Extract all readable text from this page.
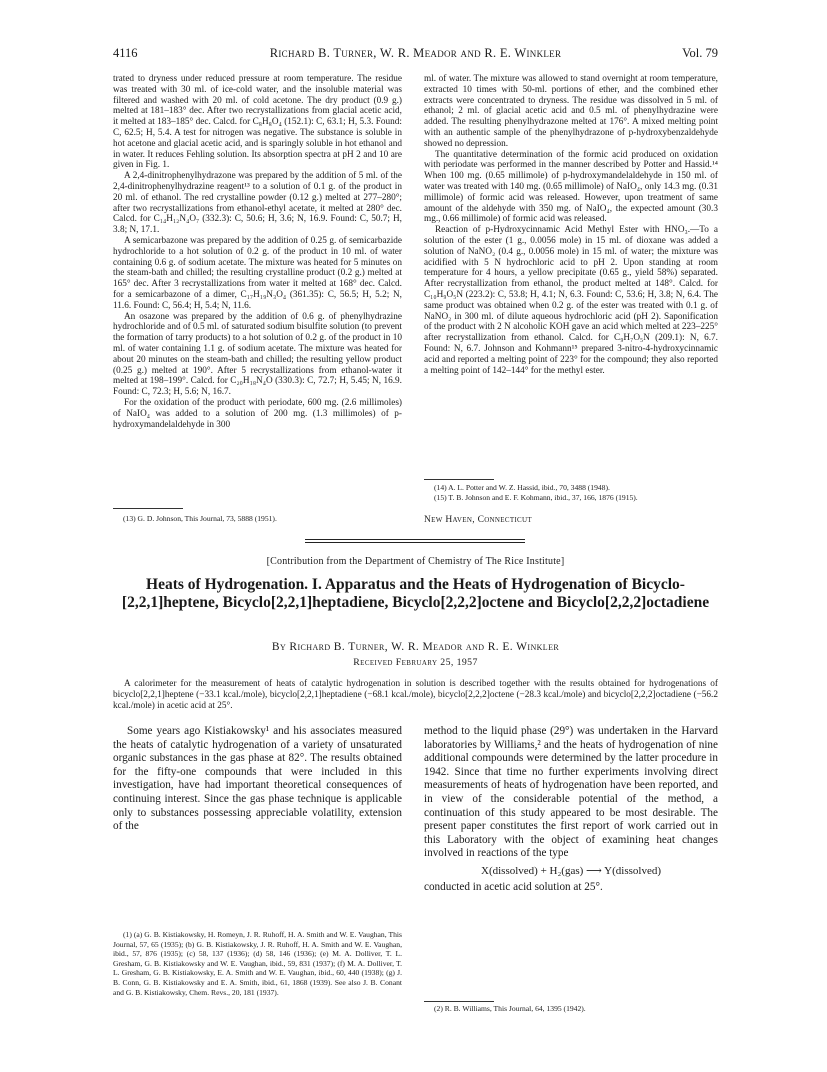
4116	Richard B. Turner, W. R. Meador and R. E. Winkler	Vol. 79

trated to dryness under reduced pressure at room temperature. The residue was treated with 30 ml. of ice-cold water, and the insoluble material was filtered and washed with 20 ml. of cold acetone. The dry product (0.9 g.) melted at 181–183° dec. After two recrystallizations from glacial acetic acid, it melted at 183–185° dec. Calcd. for C₈H₈O₄ (152.1): C, 63.1; H, 5.3. Found: C, 62.5; H, 5.4. A test for nitrogen was negative. The substance is soluble in hot acetone and glacial acetic acid, and is sparingly soluble in hot ethanol and in water. It reduces Fehling solution. Its absorption spectra at pH 2 and 10 are given in Fig. 1.

A 2,4-dinitrophenylhydrazone was prepared by the addition of 5 ml. of the 2,4-dinitrophenylhydrazine reagent¹³ to a solution of 0.1 g. of the product in 20 ml. of ethanol. The red crystalline powder (0.12 g.) melted at 277–280°; after two recrystallizations from ethanol-ethyl acetate, it melted at 280° dec. Calcd. for C₁₄H₁₂N₄O₇ (332.3): C, 50.6; H, 3.6; N, 16.9. Found: C, 50.7; H, 3.8; N, 17.1.

A semicarbazone was prepared by the addition of 0.25 g. of semicarbazide hydrochloride to a hot solution of 0.2 g. of the product in 10 ml. of water containing 0.6 g. of sodium acetate. The mixture was heated for 5 minutes on the steam-bath and chilled; the resulting crystalline product (0.2 g.) melted at 165° dec. After 3 recrystallizations from water it melted at 168° dec. Calcd. for a semicarbazone of a dimer, C₁₇H₁₉N₃O₄ (361.35): C, 56.5; H, 5.2; N, 11.6. Found: C, 56.4; H, 5.4; N, 11.6.

An osazone was prepared by the addition of 0.6 g. of phenylhydrazine hydrochloride and of 0.5 ml. of saturated sodium bisulfite solution (to prevent the formation of tarry products) to a hot solution of 0.2 g. of the product in 10 ml. of water containing 1.1 g. of sodium acetate. The mixture was heated for about 20 minutes on the steam-bath and chilled; the resulting yellow product (0.25 g.) melted at 190°. After 5 recrystallizations from ethanol-water it melted at 198–199°. Calcd. for C₂₀H₁₈N₄O (330.3): C, 72.7; H, 5.45; N, 16.9. Found: C, 72.3; H, 5.6; N, 16.7.

For the oxidation of the product with periodate, 600 mg. (2.6 millimoles) of NaIO₄ was added to a solution of 200 mg. (1.3 millimoles) of p-hydroxymandelaldehyde in 300

(13) G. D. Johnson, This Journal, 73, 5888 (1951).

ml. of water. The mixture was allowed to stand overnight at room temperature, extracted 10 times with 50-ml. portions of ether, and the combined ether extracts were concentrated to dryness. The residue was dissolved in 5 ml. of ethanol; 2 ml. of glacial acetic acid and 0.5 ml. of phenylhydrazine were added. The resulting phenylhydrazone melted at 176°. A mixed melting point with an authentic sample of the phenylhydrazone of p-hydroxybenzaldehyde showed no depression.

The quantitative determination of the formic acid produced on oxidation with periodate was performed in the manner described by Potter and Hassid.¹⁴ When 100 mg. (0.65 millimole) of p-hydroxymandelaldehyde in 150 ml. of water was treated with 140 mg. (0.65 millimole) of NaIO₄, only 14.3 mg. (0.31 millimole) of formic acid was released. However, upon treatment of same amount of the aldehyde with 350 mg. of NaIO₄, the expected amount (30.3 mg., 0.66 millimole) of formic acid was released.

Reaction of p-Hydroxycinnamic Acid Methyl Ester with HNO₃.—To a solution of the ester (1 g., 0.0056 mole) in 15 ml. of dioxane was added a solution of NaNO₂ (0.4 g., 0.0056 mole) in 15 ml. of water; the mixture was acidified with 5 N hydrochloric acid to pH 2. Upon standing at room temperature for 4 hours, a yellow precipitate (0.65 g., yield 58%) separated. After recrystallization from ethanol, the product melted at 148°. Calcd. for C₁₀H₉O₅N (223.2): C, 53.8; H, 4.1; N, 6.3. Found: C, 53.6; H, 3.8; N, 6.4. The same product was obtained when 0.2 g. of the ester was treated with 0.1 g. of NaNO₂ in 300 ml. of dilute aqueous hydrochloric acid (pH 2). Saponification of the product with 2 N alcoholic KOH gave an acid which melted at 223–225° after recrystallization from ethanol. Calcd. for C₉H₇O₅N (209.1): N, 6.7. Found: N, 6.7. Johnson and Kohmann¹⁵ prepared 3-nitro-4-hydroxycinnamic acid and reported a melting point of 223° for the compound; they also reported a melting point of 142–144° for the methyl ester.

(14) A. L. Potter and W. Z. Hassid, ibid., 70, 3488 (1948).

(15) T. B. Johnson and E. F. Kohmann, ibid., 37, 166, 1876 (1915).

New Haven, Connecticut
[Contribution from the Department of Chemistry of The Rice Institute]
Heats of Hydrogenation. I. Apparatus and the Heats of Hydrogenation of Bicyclo-[2,2,1]heptene, Bicyclo[2,2,1]heptadiene, Bicyclo[2,2,2]octene and Bicyclo[2,2,2]octadiene
By Richard B. Turner, W. R. Meador and R. E. Winkler
Received February 25, 1957
A calorimeter for the measurement of heats of catalytic hydrogenation in solution is described together with the results obtained for hydrogenations of bicyclo[2,2,1]heptene (−33.1 kcal./mole), bicyclo[2,2,1]heptadiene (−68.1 kcal./mole), bicyclo[2,2,2]octene (−28.3 kcal./mole) and bicyclo[2,2,2]octadiene (−56.2 kcal./mole) in acetic acid at 25°.

Some years ago Kistiakowsky¹ and his associates measured the heats of catalytic hydrogenation of a variety of unsaturated organic substances in the gas phase at 82°. The results obtained for the fifty-one compounds that were included in this investigation, have had important theoretical consequences of continuing interest. Since the gas phase technique is applicable only to substances possessing appreciable volatility, extension of the

(1) (a) G. B. Kistiakowsky, H. Romeyn, J. R. Ruhoff, H. A. Smith and W. E. Vaughan, This Journal, 57, 65 (1935); (b) G. B. Kistiakowsky, J. R. Ruhoff, H. A. Smith and W. E. Vaughan, ibid., 57, 876 (1935); (c) 58, 137 (1936); (d) 58, 146 (1936); (e) M. A. Dolliver, T. L. Gresham, G. B. Kistiakowsky and W. E. Vaughan, ibid., 59, 831 (1937); (f) M. A. Dolliver, T. L. Gresham, G. B. Kistiakowsky, E. A. Smith and W. E. Vaughan, ibid., 60, 440 (1938); (g) J. B. Conn, G. B. Kistiakowsky and E. A. Smith, ibid., 61, 1868 (1939). See also J. B. Conant and G. B. Kistiakowsky, Chem. Revs., 20, 181 (1937).

method to the liquid phase (29°) was undertaken in the Harvard laboratories by Williams,² and the heats of hydrogenation of nine additional compounds were determined by the latter procedure in 1942. Since that time no further experiments involving direct measurements of heats of hydrogenation have been reported, and in view of the considerable potential of the method, a continuation of this study appeared to be most desirable. The present paper constitutes the first report of work carried out in this Laboratory with the object of examining heat changes involved in reactions of the type

X(dissolved) + H₂(gas) ⟶ Y(dissolved)

conducted in acetic acid solution at 25°.

(2) R. B. Williams, This Journal, 64, 1395 (1942).
